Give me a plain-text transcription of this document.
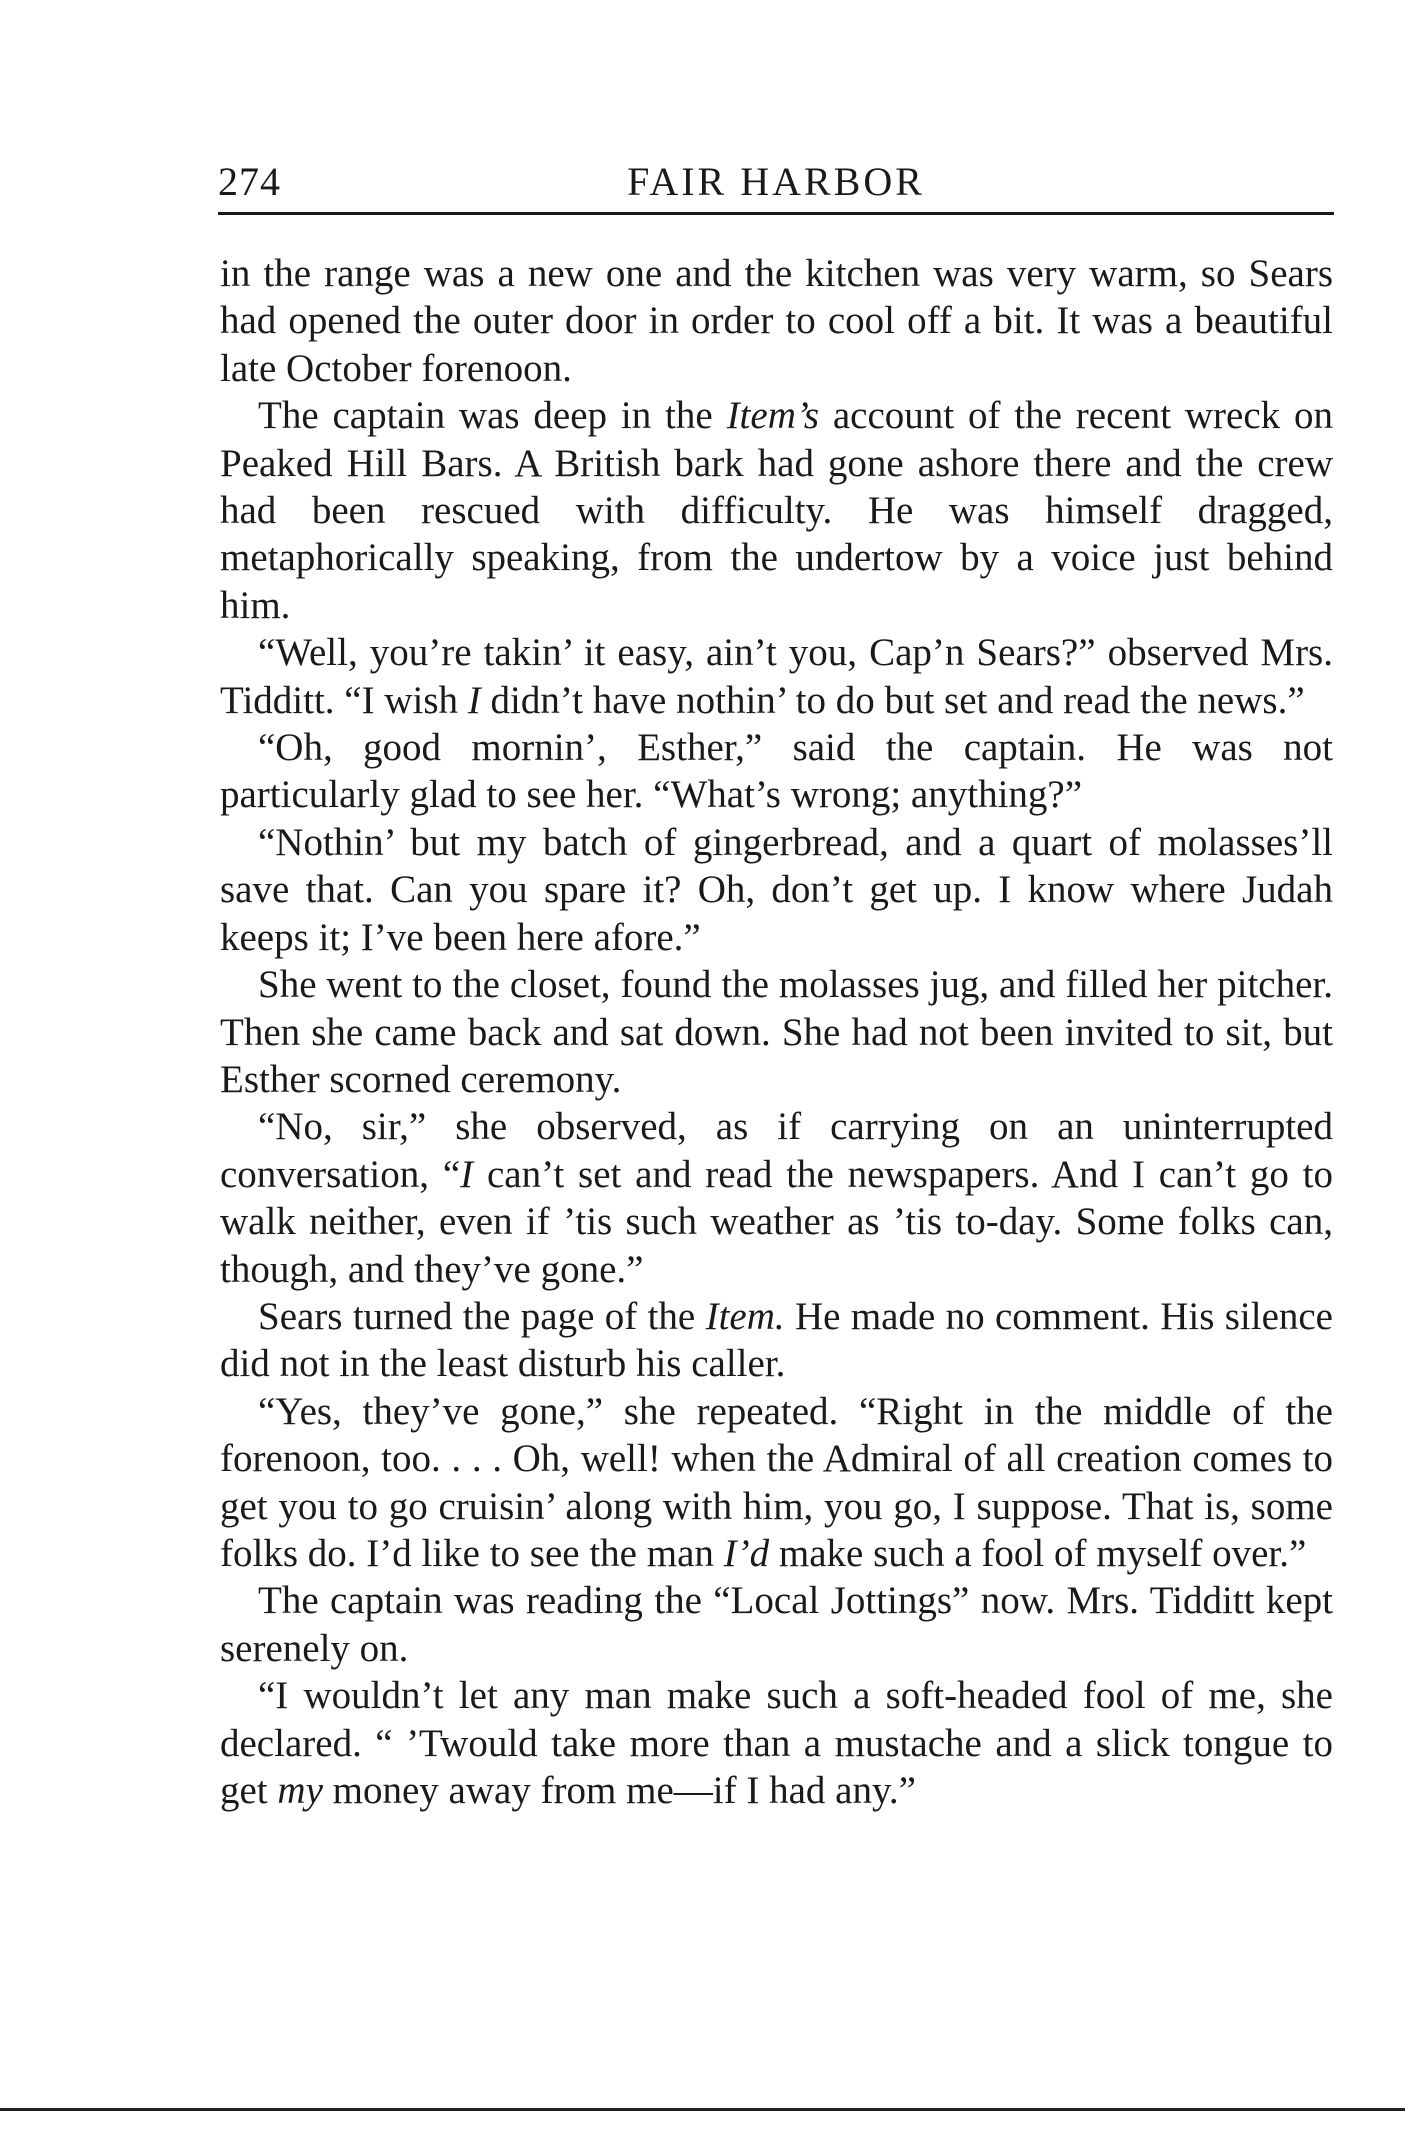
274	FAIR HARBOR

in the range was a new one and the kitchen was very warm, so Sears had opened the outer door in order to cool off a bit. It was a beautiful late October forenoon.

The captain was deep in the Item’s account of the recent wreck on Peaked Hill Bars. A British bark had gone ashore there and the crew had been rescued with difficulty. He was himself dragged, metaphorically speaking, from the undertow by a voice just behind him.

“Well, you’re takin’ it easy, ain’t you, Cap’n Sears?” observed Mrs. Tidditt. “I wish I didn’t have nothin’ to do but set and read the news.”

“Oh, good mornin’, Esther,” said the captain. He was not particularly glad to see her. “What’s wrong; anything?”

“Nothin’ but my batch of gingerbread, and a quart of molasses’ll save that. Can you spare it? Oh, don’t get up. I know where Judah keeps it; I’ve been here afore.”

She went to the closet, found the molasses jug, and filled her pitcher. Then she came back and sat down. She had not been invited to sit, but Esther scorned ceremony.

“No, sir,” she observed, as if carrying on an uninterrupted conversation, “I can’t set and read the newspapers. And I can’t go to walk neither, even if ’tis such weather as ’tis to-day. Some folks can, though, and they’ve gone.”

Sears turned the page of the Item. He made no comment. His silence did not in the least disturb his caller.

“Yes, they’ve gone,” she repeated. “Right in the middle of the forenoon, too. . . . Oh, well! when the Admiral of all creation comes to get you to go cruisin’ along with him, you go, I suppose. That is, some folks do. I’d like to see the man I’d make such a fool of myself over.”

The captain was reading the “Local Jottings” now. Mrs. Tidditt kept serenely on.

“I wouldn’t let any man make such a soft-headed fool of me, she declared. “ ’Twould take more than a mustache and a slick tongue to get my money away from me—if I had any.”
